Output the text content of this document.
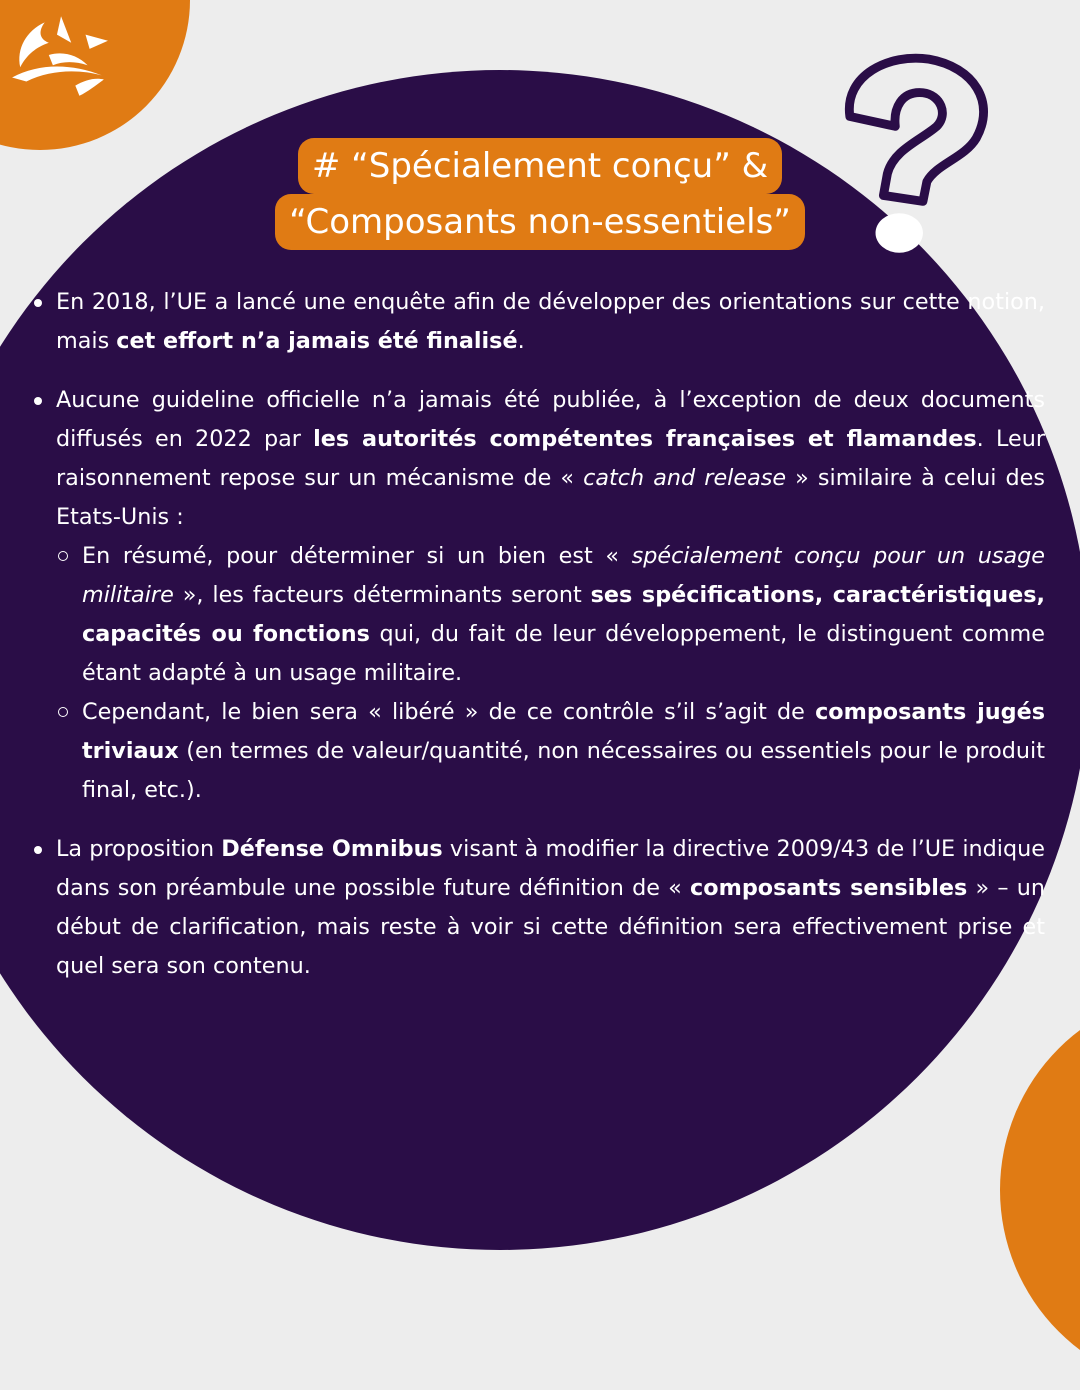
# “Spécialement conçu” &
“Composants non-essentiels”
En 2018, l’UE a lancé une enquête afin de développer des orientations sur cette notion, mais cet effort n’a jamais été finalisé.
Aucune guideline officielle n’a jamais été publiée, à l’exception de deux documents diffusés en 2022 par les autorités compétentes françaises et flamandes. Leur raisonnement repose sur un mécanisme de « catch and release » similaire à celui des Etats-Unis :
En résumé, pour déterminer si un bien est « spécialement conçu pour un usage militaire », les facteurs déterminants seront ses spécifications, caractéristiques, capacités ou fonctions qui, du fait de leur développement, le distinguent comme étant adapté à un usage militaire.
Cependant, le bien sera « libéré » de ce contrôle s’il s’agit de composants jugés triviaux (en termes de valeur/quantité, non nécessaires ou essentiels pour le produit final, etc.).
La proposition Défense Omnibus visant à modifier la directive 2009/43 de l’UE indique dans son préambule une possible future définition de « composants sensibles » – un début de clarification, mais reste à voir si cette définition sera effectivement prise et quel sera son contenu.
